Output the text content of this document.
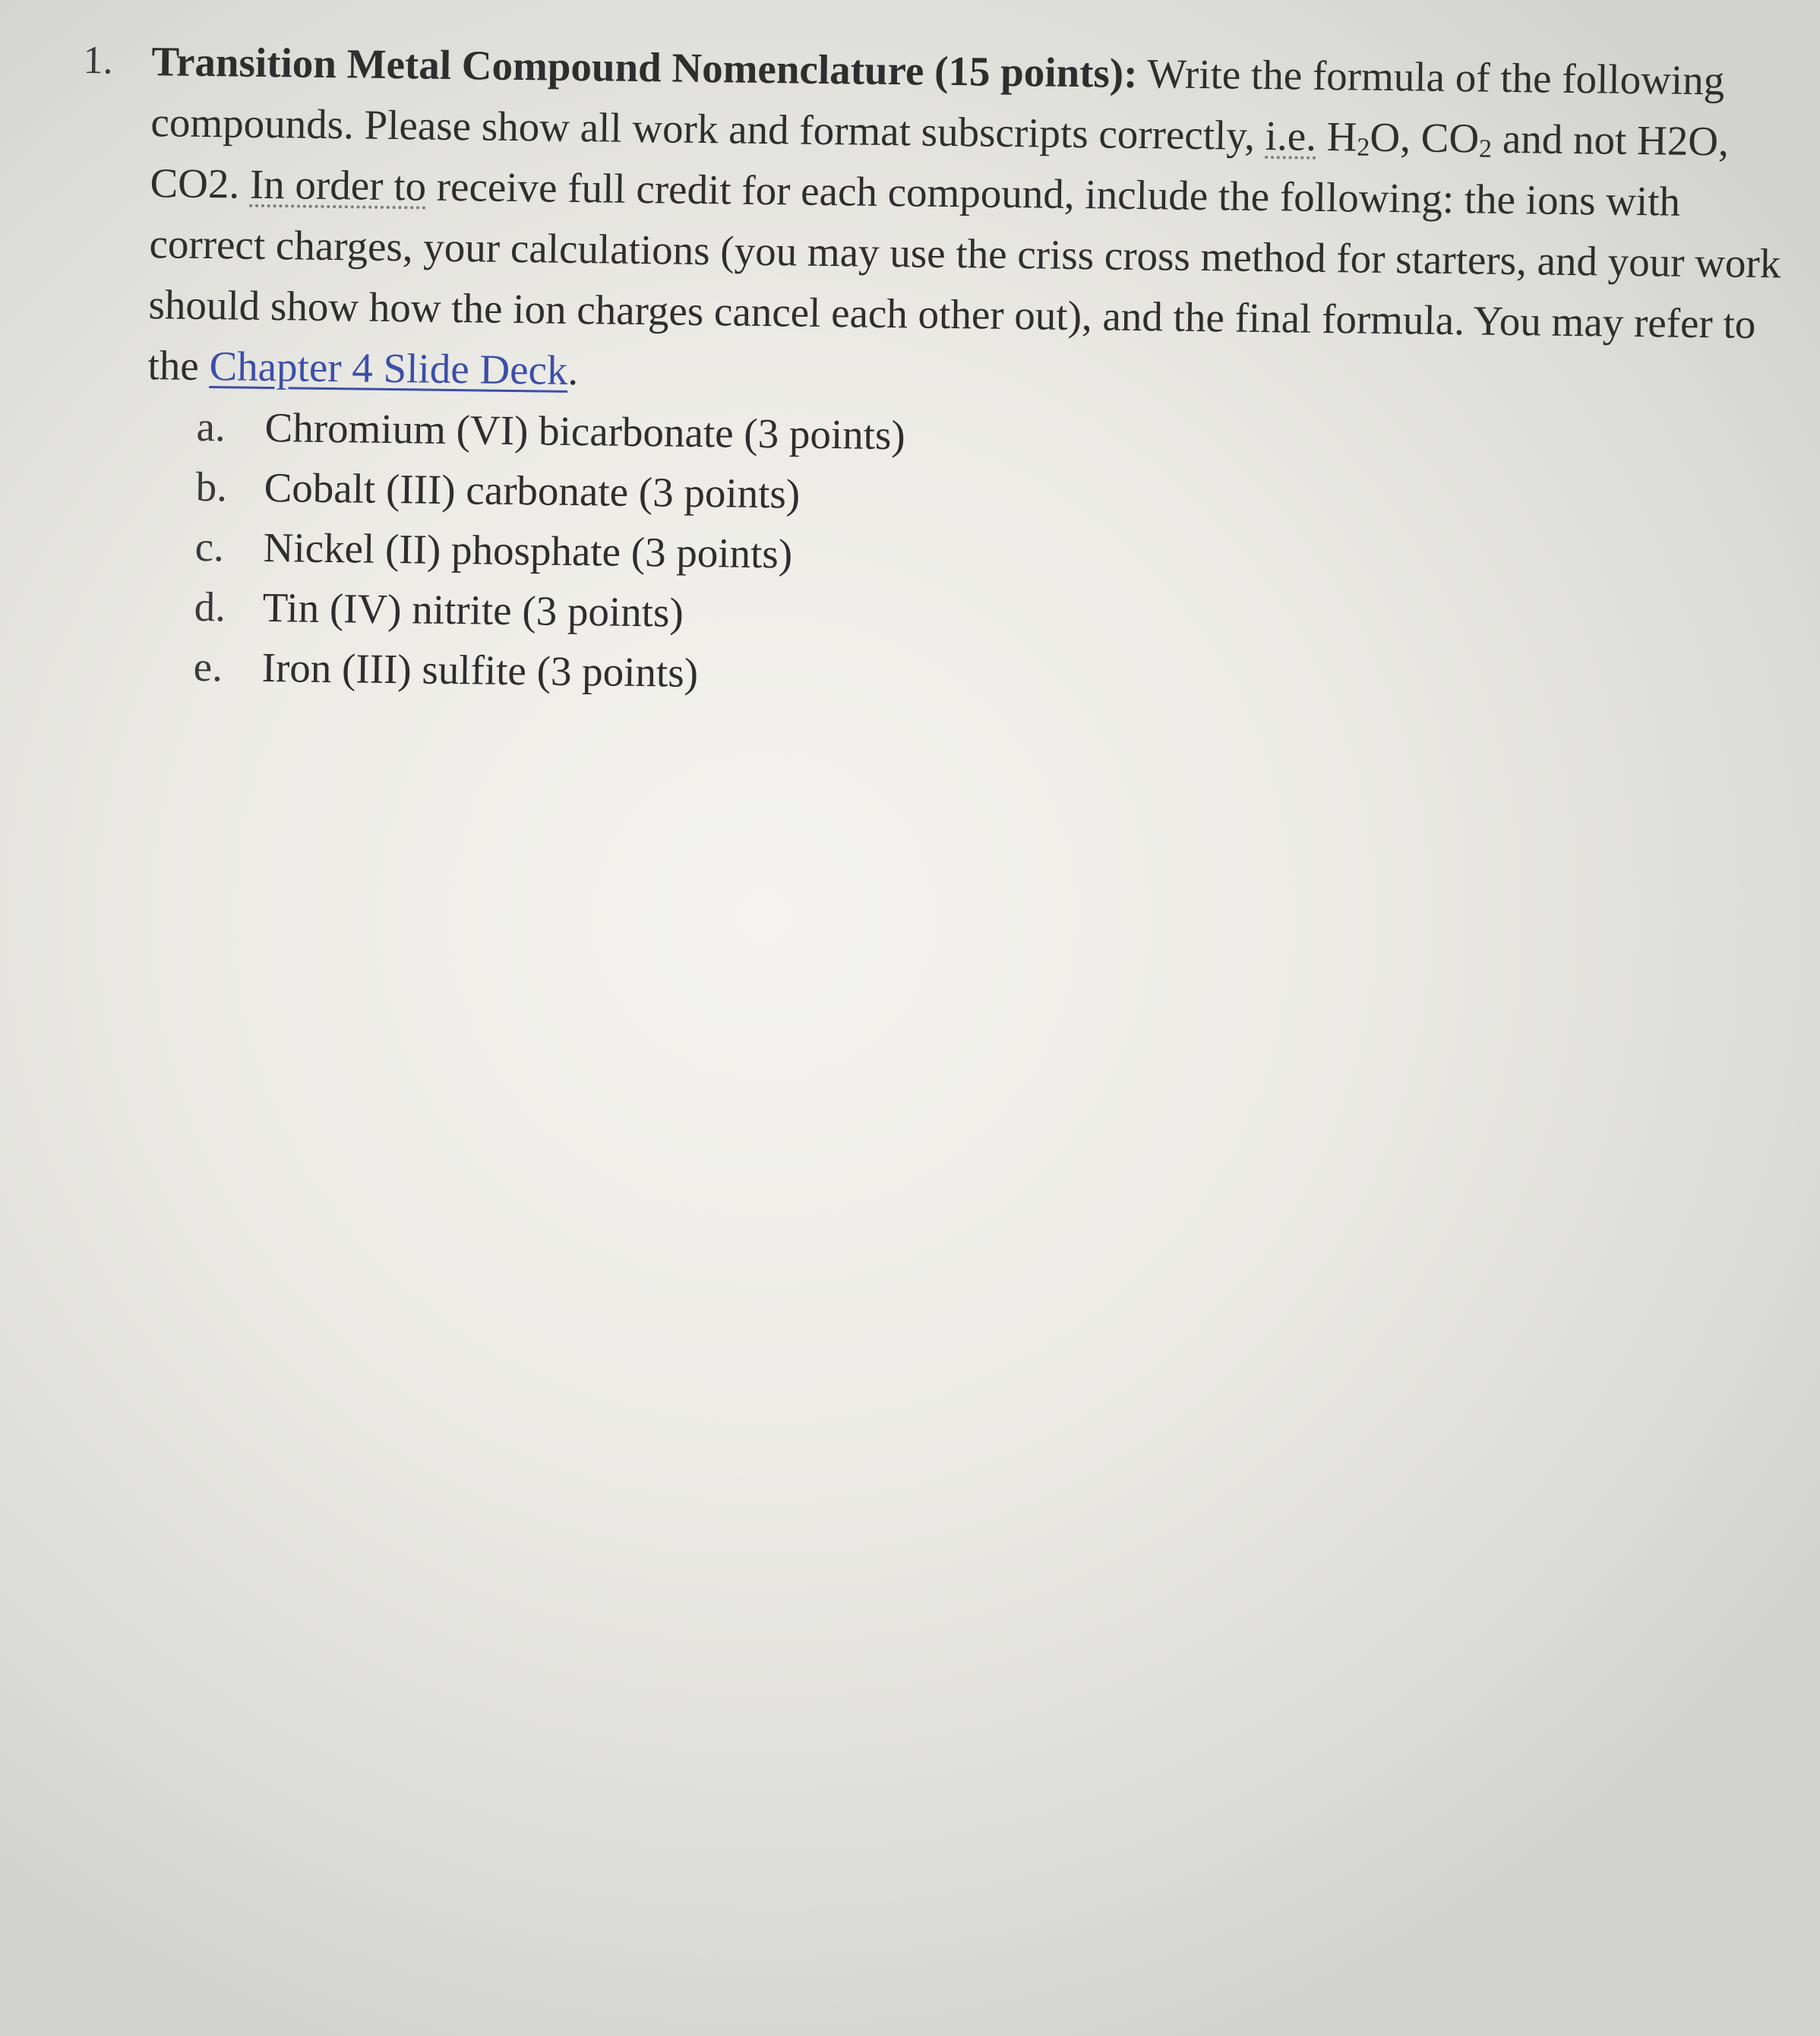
1. Transition Metal Compound Nomenclature (15 points): Write the formula of the following compounds. Please show all work and format subscripts correctly, i.e. $H_2O$, $CO_2$ and not H2O, CO2. In order to receive full credit for each compound, include the following: the ions with correct charges, your calculations (you may use the criss cross method for starters, and your work should show how the ion charges cancel each other out), and the final formula. You may refer to the Chapter 4 Slide Deck.
a. Chromium (VI) bicarbonate (3 points)
b. Cobalt (III) carbonate (3 points)
c. Nickel (II) phosphate (3 points)
d. Tin (IV) nitrite (3 points)
e. Iron (III) sulfite (3 points)
